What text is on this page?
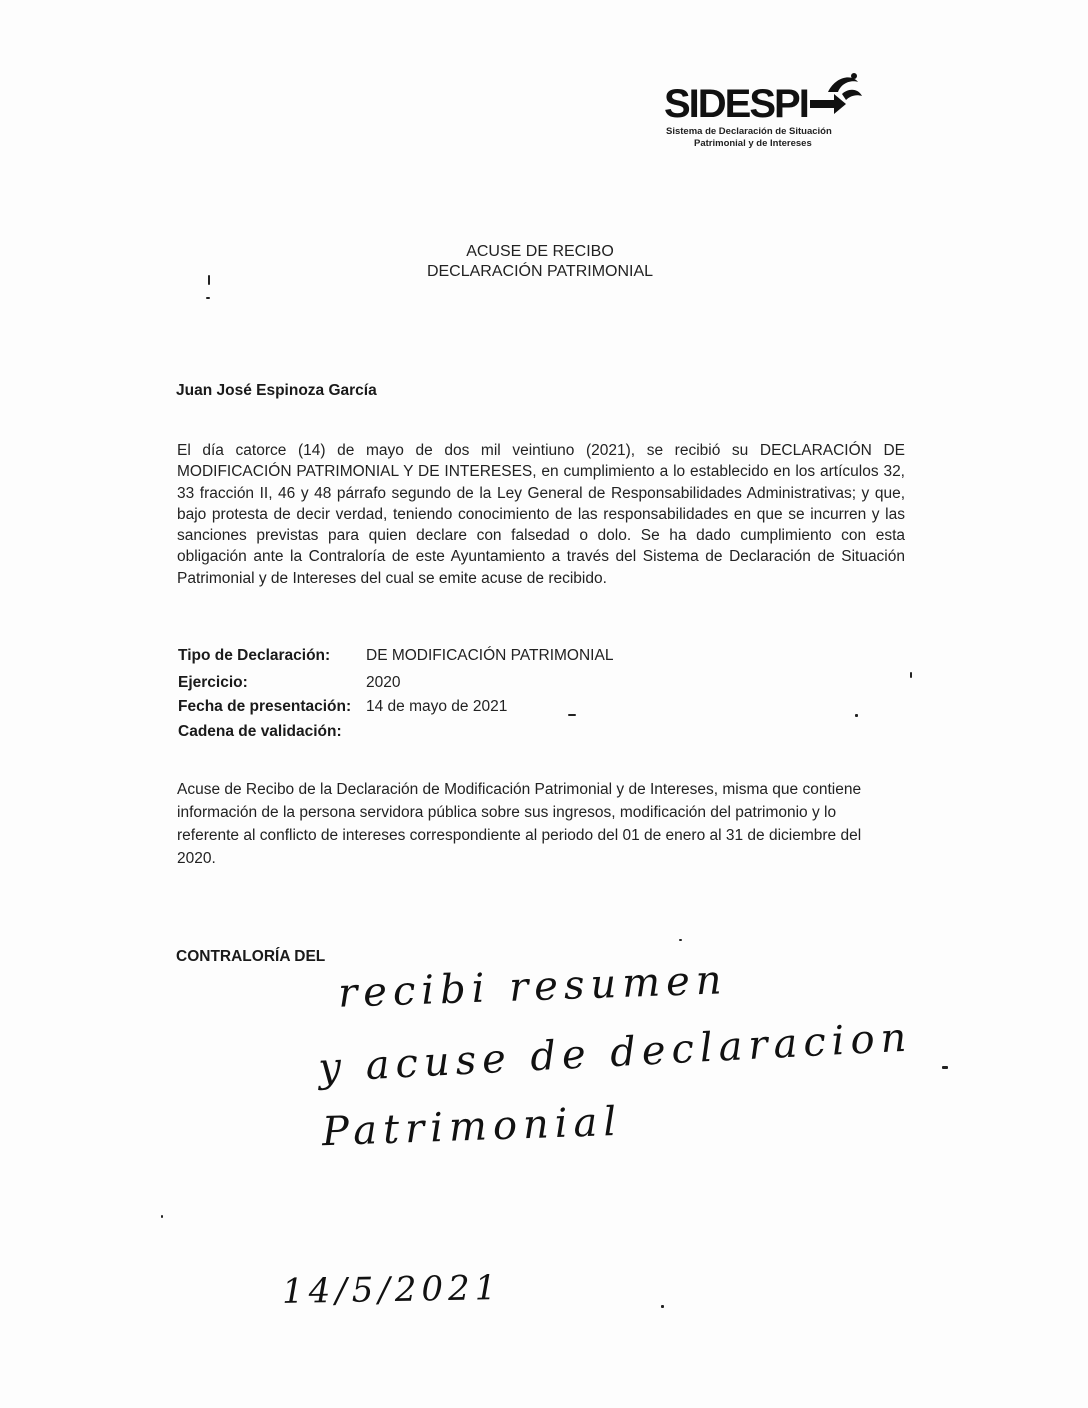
SIDESPI
Sistema de Declaración de Situación
Patrimonial y de Intereses
ACUSE DE RECIBO
DECLARACIÓN PATRIMONIAL
Juan José Espinoza García
El día catorce (14) de mayo de dos mil veintiuno (2021), se recibió su DECLARACIÓN DE MODIFICACIÓN PATRIMONIAL Y DE INTERESES, en cumplimiento a lo establecido en los artículos 32, 33 fracción II, 46 y 48 párrafo segundo de la Ley General de Responsabilidades Administrativas; y que, bajo protesta de decir verdad, teniendo conocimiento de las responsabilidades en que se incurren y las sanciones previstas para quien declare con falsedad o dolo. Se ha dado cumplimiento con esta obligación ante la Contraloría de este Ayuntamiento a través del Sistema de Declaración de Situación Patrimonial y de Intereses del cual se emite acuse de recibido.
Tipo de Declaración: DE MODIFICACIÓN PATRIMONIAL
Ejercicio:	2020
Fecha de presentación: 14 de mayo de 2021
Cadena de validación:
Acuse de Recibo de la Declaración de Modificación Patrimonial y de Intereses, misma que contiene
información de la persona servidora pública sobre sus ingresos, modificación del patrimonio y lo
referente al conflicto de intereses correspondiente al periodo del 01 de enero al 31 de diciembre del
2020.
CONTRALORÍA DEL
recibi resumen
y acuse de declaracion
Patrimonial
14/5/2021
